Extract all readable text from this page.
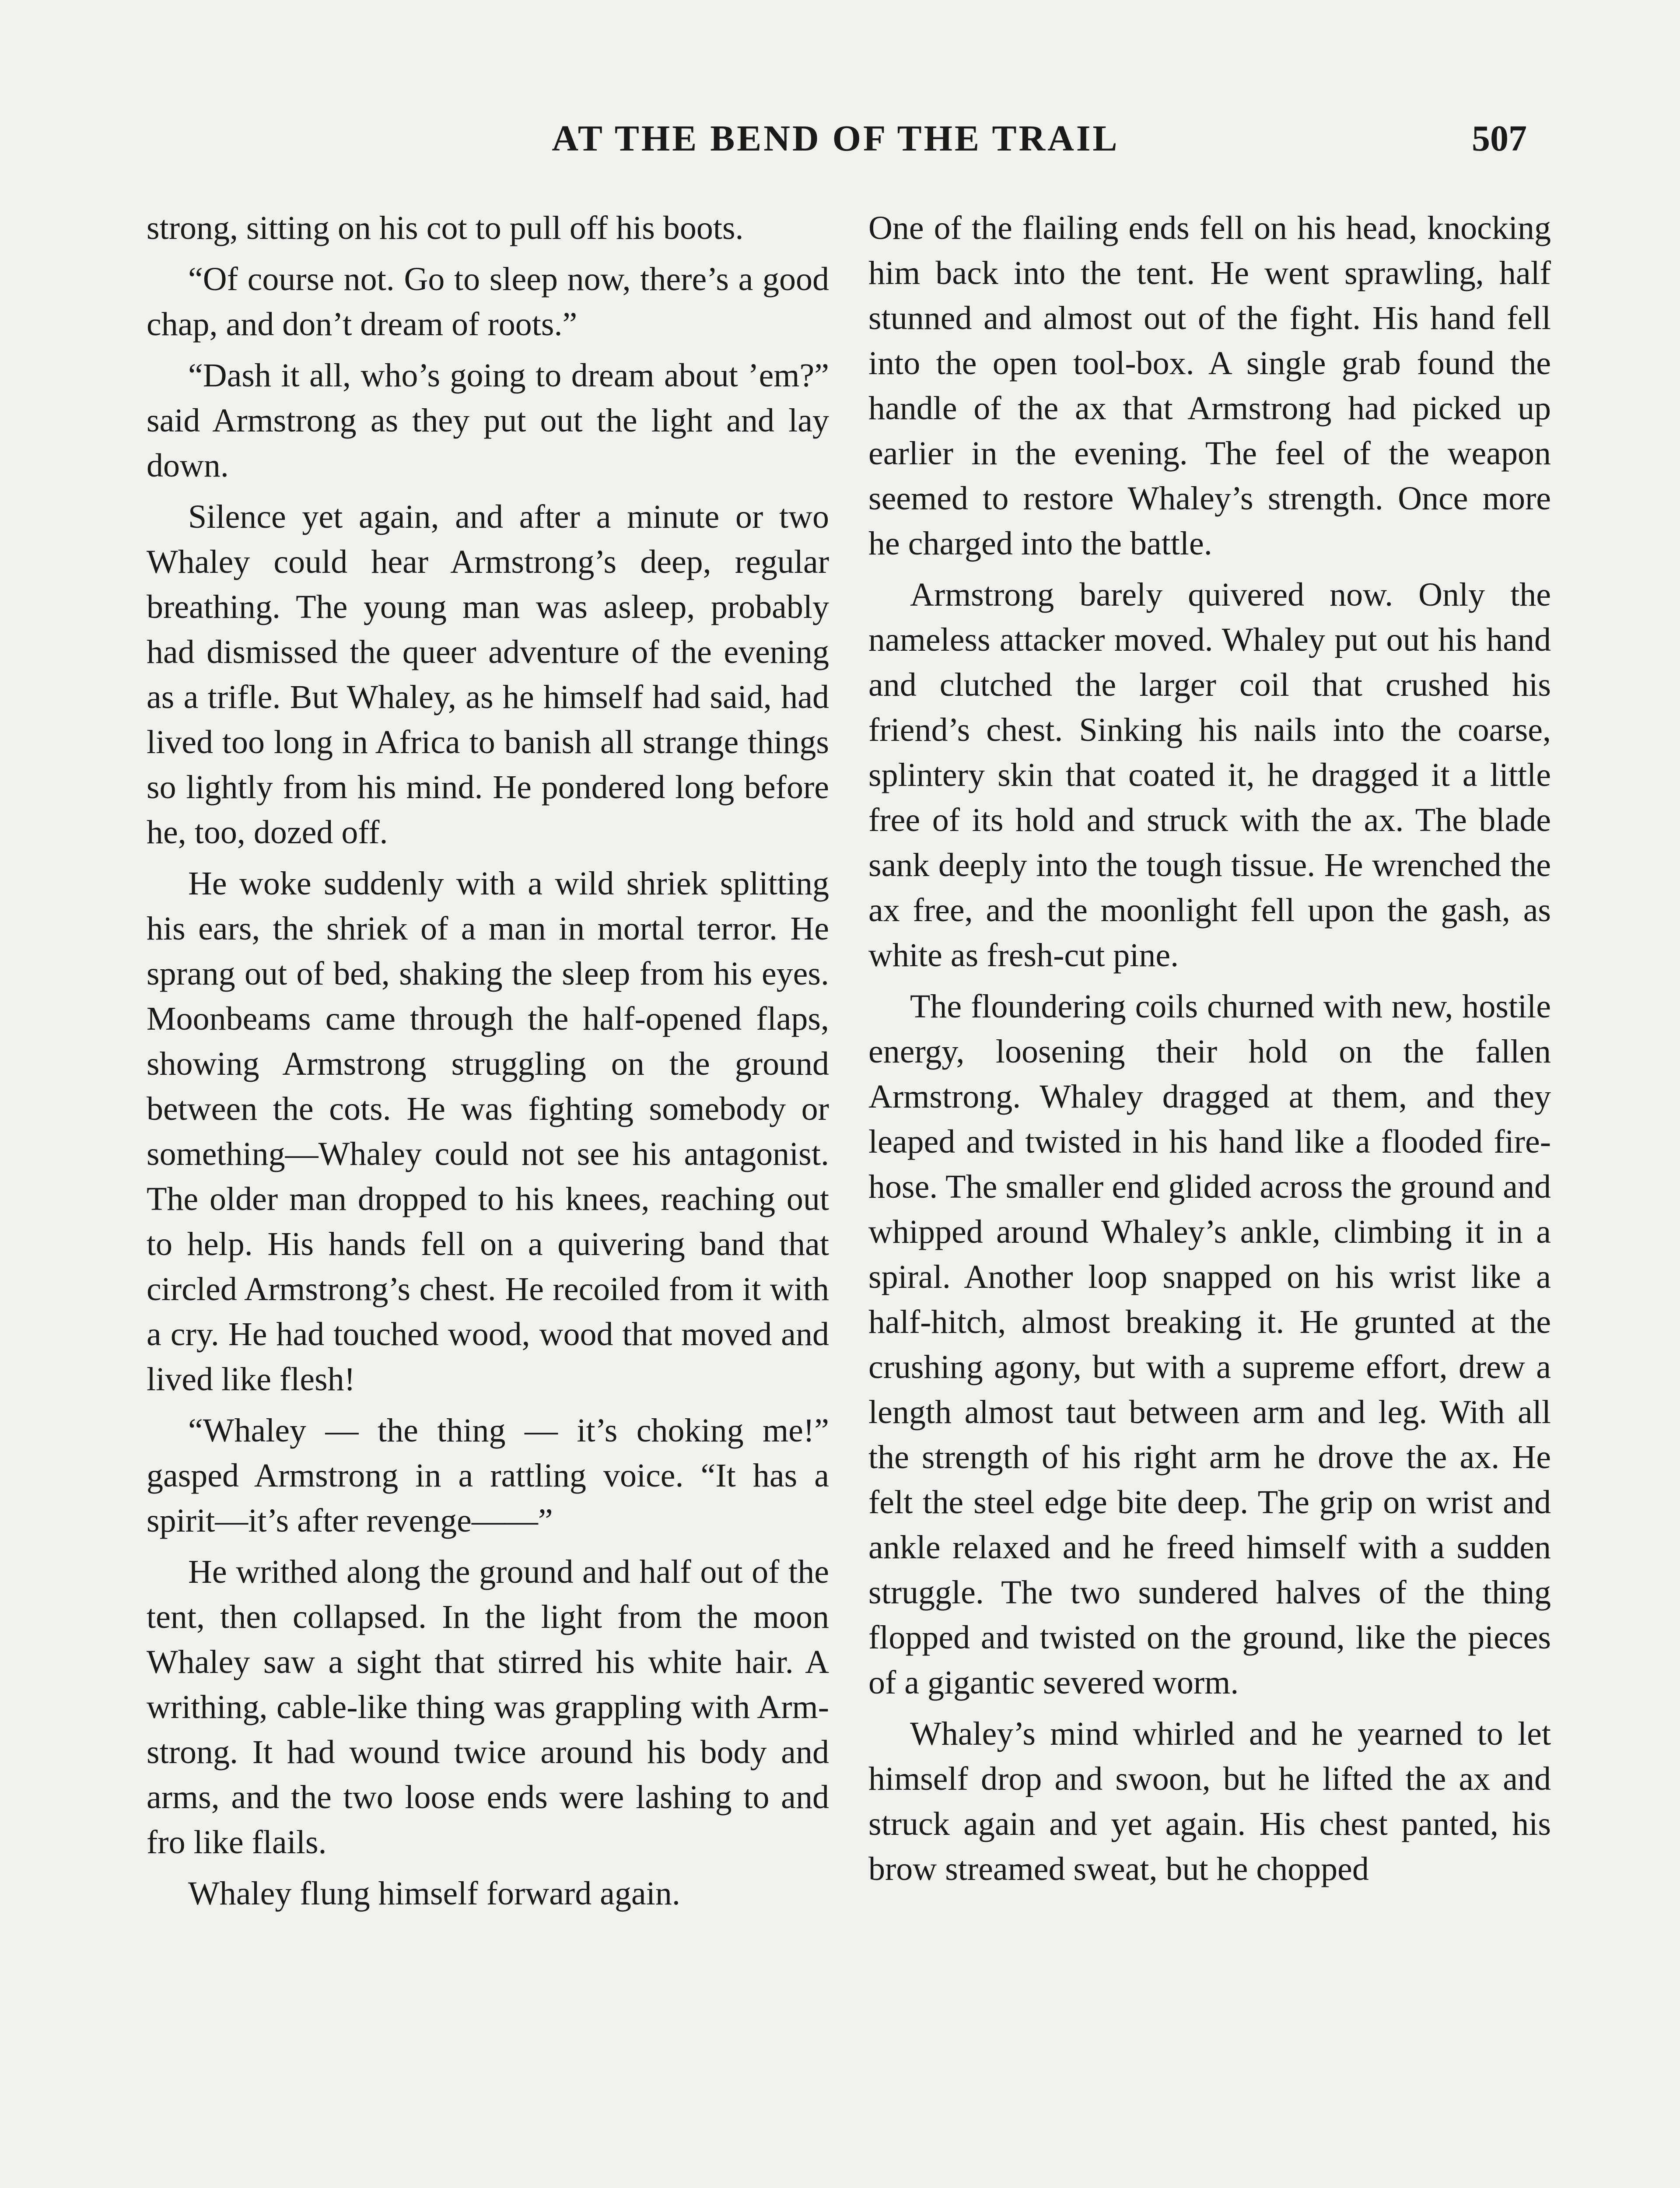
AT THE BEND OF THE TRAIL	507

strong, sitting on his cot to pull off his boots.

“Of course not. Go to sleep now, there’s a good chap, and don’t dream of roots.”

“Dash it all, who’s going to dream about ’em?” said Armstrong as they put out the light and lay down.

Silence yet again, and after a minute or two Whaley could hear Armstrong’s deep, regular breathing. The young man was asleep, probably had dismissed the queer adventure of the evening as a trifle. But Whaley, as he himself had said, had lived too long in Africa to banish all strange things so lightly from his mind. He pondered long before he, too, dozed off.

He woke suddenly with a wild shriek splitting his ears, the shriek of a man in mortal terror. He sprang out of bed, shaking the sleep from his eyes. Moonbeams came through the half-opened flaps, showing Armstrong struggling on the ground between the cots. He was fighting somebody or something—Whaley could not see his antagonist. The older man dropped to his knees, reaching out to help. His hands fell on a quivering band that circled Armstrong’s chest. He recoiled from it with a cry. He had touched wood, wood that moved and lived like flesh!

“Whaley — the thing — it’s choking me!” gasped Armstrong in a rattling voice. “It has a spirit—it’s after revenge——”

He writhed along the ground and half out of the tent, then collapsed. In the light from the moon Whaley saw a sight that stirred his white hair. A writhing, cable-like thing was grappling with Armstrong. It had wound twice around his body and arms, and the two loose ends were lashing to and fro like flails.

Whaley flung himself forward again.

One of the flailing ends fell on his head, knocking him back into the tent. He went sprawling, half stunned and almost out of the fight. His hand fell into the open tool-box. A single grab found the handle of the ax that Armstrong had picked up earlier in the evening. The feel of the weapon seemed to restore Whaley’s strength. Once more he charged into the battle.

Armstrong barely quivered now. Only the nameless attacker moved. Whaley put out his hand and clutched the larger coil that crushed his friend’s chest. Sinking his nails into the coarse, splintery skin that coated it, he dragged it a little free of its hold and struck with the ax. The blade sank deeply into the tough tissue. He wrenched the ax free, and the moonlight fell upon the gash, as white as fresh-cut pine.

The floundering coils churned with new, hostile energy, loosening their hold on the fallen Armstrong. Whaley dragged at them, and they leaped and twisted in his hand like a flooded firehose. The smaller end glided across the ground and whipped around Whaley’s ankle, climbing it in a spiral. Another loop snapped on his wrist like a half-hitch, almost breaking it. He grunted at the crushing agony, but with a supreme effort, drew a length almost taut between arm and leg. With all the strength of his right arm he drove the ax. He felt the steel edge bite deep. The grip on wrist and ankle relaxed and he freed himself with a sudden struggle. The two sundered halves of the thing flopped and twisted on the ground, like the pieces of a gigantic severed worm.

Whaley’s mind whirled and he yearned to let himself drop and swoon, but he lifted the ax and struck again and yet again. His chest panted, his brow streamed sweat, but he chopped
